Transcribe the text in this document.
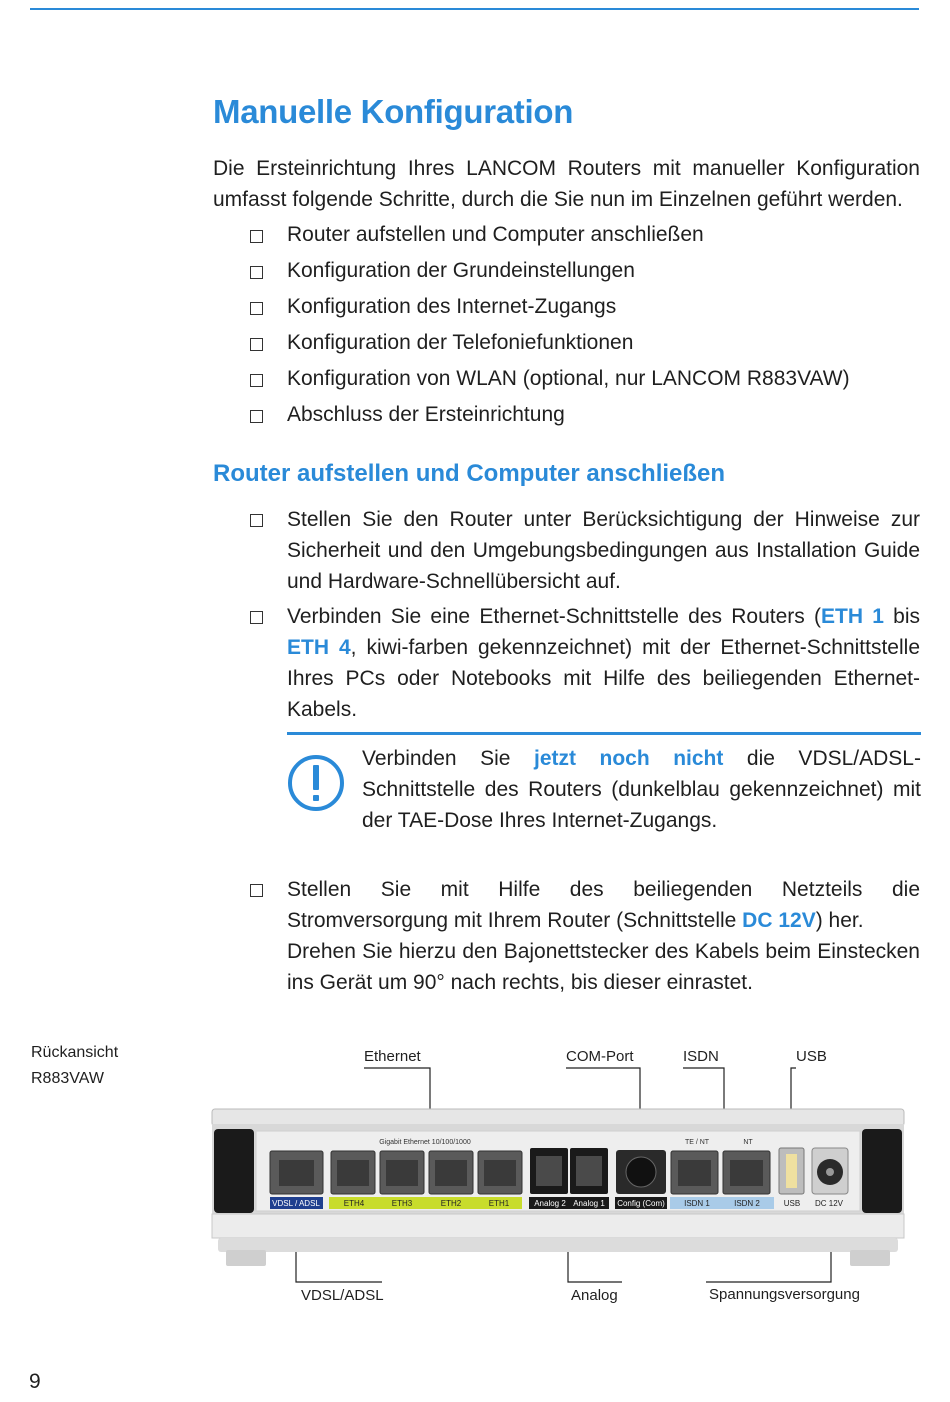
Manuelle Konfiguration

Die Ersteinrichtung Ihres LANCOM Routers mit manueller Konfiguration umfasst folgende Schritte, durch die Sie nun im Einzelnen geführt werden.

Router aufstellen und Computer anschließen
Konfiguration der Grundeinstellungen
Konfiguration des Internet-Zugangs
Konfiguration der Telefoniefunktionen
Konfiguration von WLAN (optional, nur LANCOM R883VAW)
Abschluss der Ersteinrichtung
Router aufstellen und Computer anschließen
Stellen Sie den Router unter Berücksichtigung der Hinweise zur Sicherheit und den Umgebungsbedingungen aus Installation Guide und Hardware-Schnellübersicht auf.
Verbinden Sie eine Ethernet-Schnittstelle des Routers (ETH 1 bis ETH 4, kiwi-farben gekennzeichnet) mit der Ethernet-Schnittstelle Ihres PCs oder Notebooks mit Hilfe des beiliegenden Ethernet-Kabels.
Verbinden Sie jetzt noch nicht die VDSL/ADSL-Schnittstelle des Routers (dunkelblau gekennzeichnet) mit der TAE-Dose Ihres Internet-Zugangs.
Stellen Sie mit Hilfe des beiliegenden Netzteils die Stromversorgung mit Ihrem Router (Schnittstelle DC 12V) her.
Drehen Sie hierzu den Bajonettstecker des Kabels beim Einstecken ins Gerät um 90° nach rechts, bis dieser einrastet.
Rückansicht
R883VAW
Ethernet	COM-Port	ISDN	USB
VDSL/ADSL	Analog	Spannungsversorgung
Gigabit Ethernet 10/100/1000	TE / NT	NT
VDSL / ADSL	ETH4	ETH3	ETH2	ETH1	Analog 2 Analog 1 Config (Com) ISDN 1	ISDN 2	USB DC 12V
9
